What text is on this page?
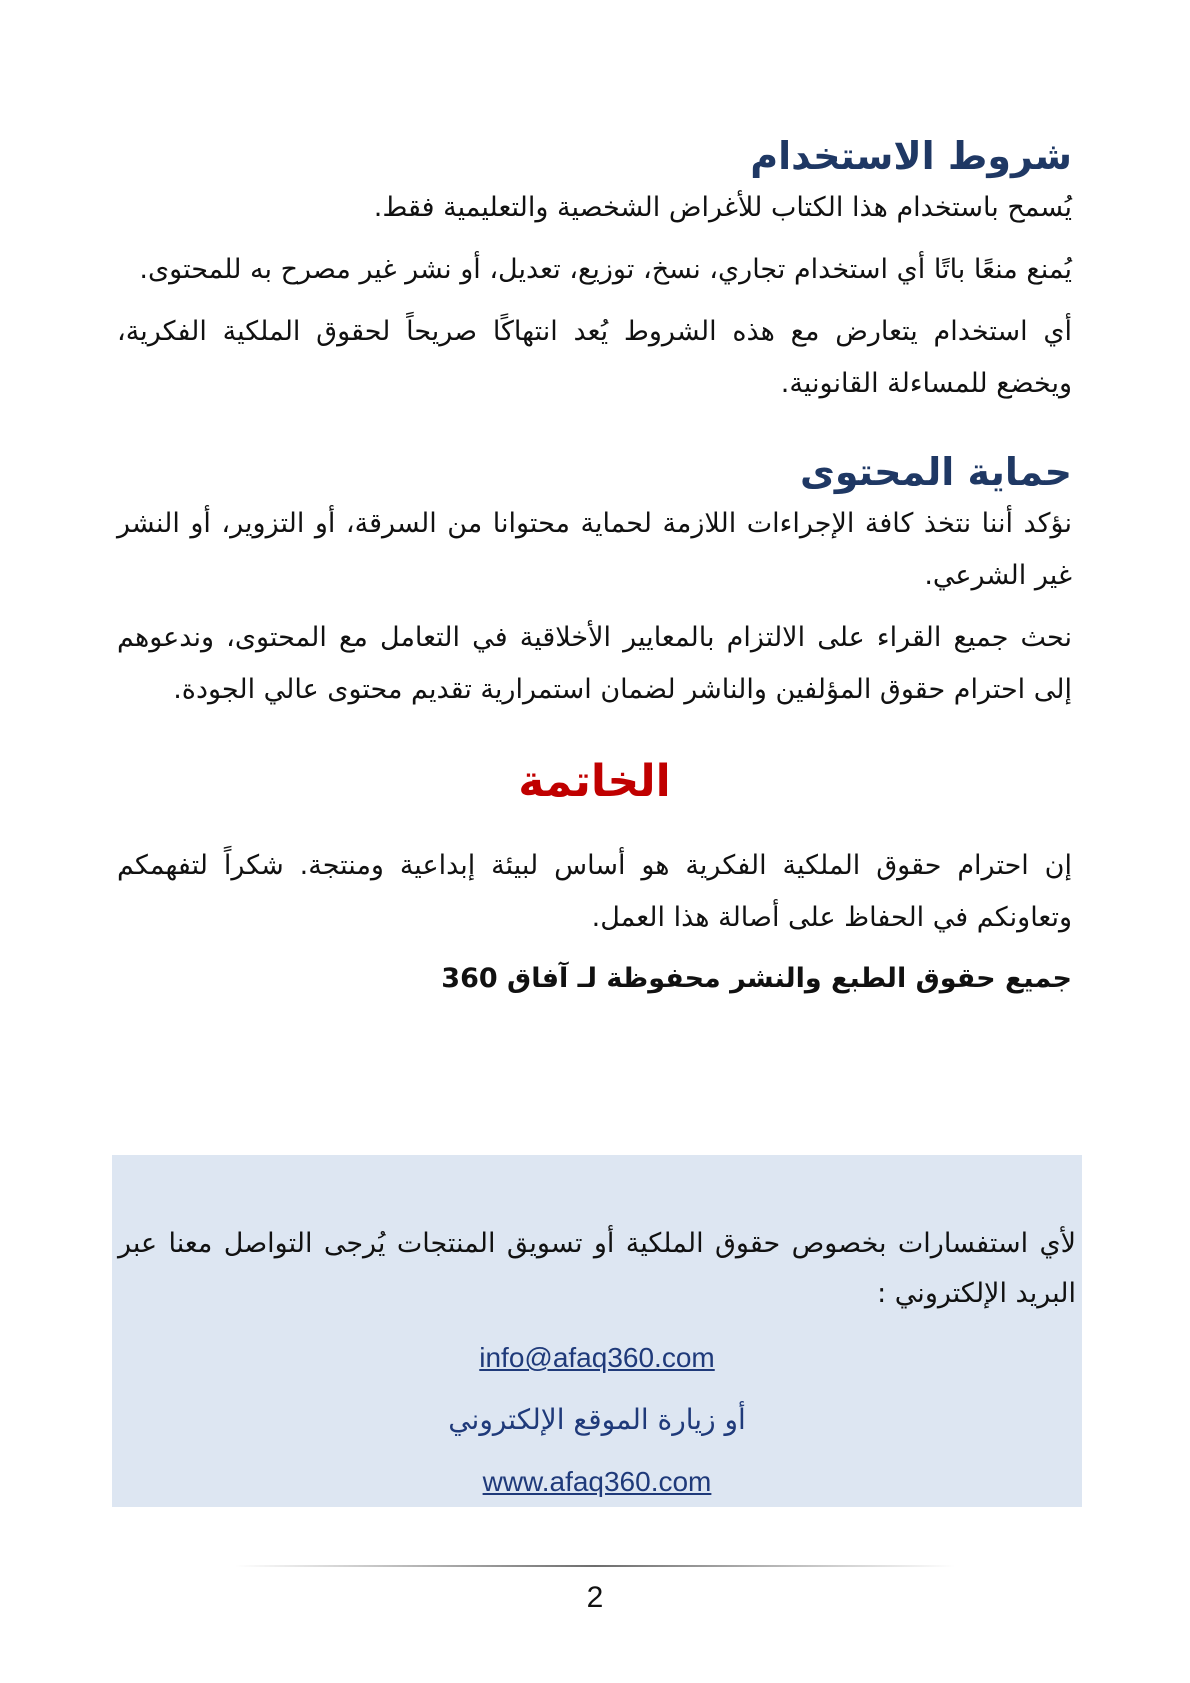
شروط الاستخدام

يُسمح باستخدام هذا الكتاب للأغراض الشخصية والتعليمية فقط.

يُمنع منعًا باتًا أي استخدام تجاري، نسخ، توزيع، تعديل، أو نشر غير مصرح به للمحتوى.

أي استخدام يتعارض مع هذه الشروط يُعد انتهاكًا صريحاً لحقوق الملكية الفكرية، ويخضع للمساءلة القانونية.

حماية المحتوى

نؤكد أننا نتخذ كافة الإجراءات اللازمة لحماية محتوانا من السرقة، أو التزوير، أو النشر غير الشرعي.

نحث جميع القراء على الالتزام بالمعايير الأخلاقية في التعامل مع المحتوى، وندعوهم إلى احترام حقوق المؤلفين والناشر لضمان استمرارية تقديم محتوى عالي الجودة.

الخاتمة

إن احترام حقوق الملكية الفكرية هو أساس لبيئة إبداعية ومنتجة. شكراً لتفهمكم وتعاونكم في الحفاظ على أصالة هذا العمل.

جميع حقوق الطبع والنشر محفوظة لـ آفاق 360

لأي استفسارات بخصوص حقوق الملكية أو تسويق المنتجات يُرجى التواصل معنا عبر البريد الإلكتروني :

info@afaq360.com

أو زيارة الموقع الإلكتروني

www.afaq360.com

2
